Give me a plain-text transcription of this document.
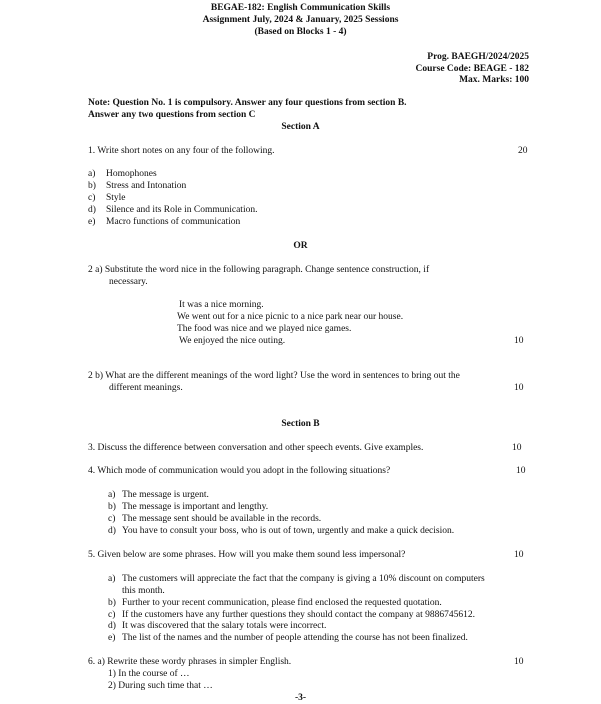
BEGAE-182: English Communication Skills
Assignment July, 2024 & January, 2025 Sessions
(Based on Blocks 1 - 4)
Prog. BAEGH/2024/2025
Course Code: BEAGE - 182
Max. Marks: 100
Note: Question No. 1 is compulsory. Answer any four questions from section B.
Answer any two questions from section C
Section A
1. Write short notes on any four of the following.	20
a) Homophones
b) Stress and Intonation
c) Style
d) Silence and its Role in Communication.
e) Macro functions of communication
OR
2 a) Substitute the word nice in the following paragraph. Change sentence construction, if
necessary.
It was a nice morning.
We went out for a nice picnic to a nice park near our house.
The food was nice and we played nice games.
We enjoyed the nice outing.	10
2 b) What are the different meanings of the word light? Use the word in sentences to bring out the
different meanings.	10
Section B
3. Discuss the difference between conversation and other speech events. Give examples.	10
4. Which mode of communication would you adopt in the following situations?	10
a) The message is urgent.
b) The message is important and lengthy.
c) The message sent should be available in the records.
d) You have to consult your boss, who is out of town, urgently and make a quick decision.
5. Given below are some phrases. How will you make them sound less impersonal?	10
a) The customers will appreciate the fact that the company is giving a 10% discount on computers
this month.
b) Further to your recent communication, please find enclosed the requested quotation.
c) If the customers have any further questions they should contact the company at 9886745612.
d) It was discovered that the salary totals were incorrect.
e) The list of the names and the number of people attending the course has not been finalized.
6. a) Rewrite these wordy phrases in simpler English.	10
1) In the course of …
2) During such time that …
-3-
